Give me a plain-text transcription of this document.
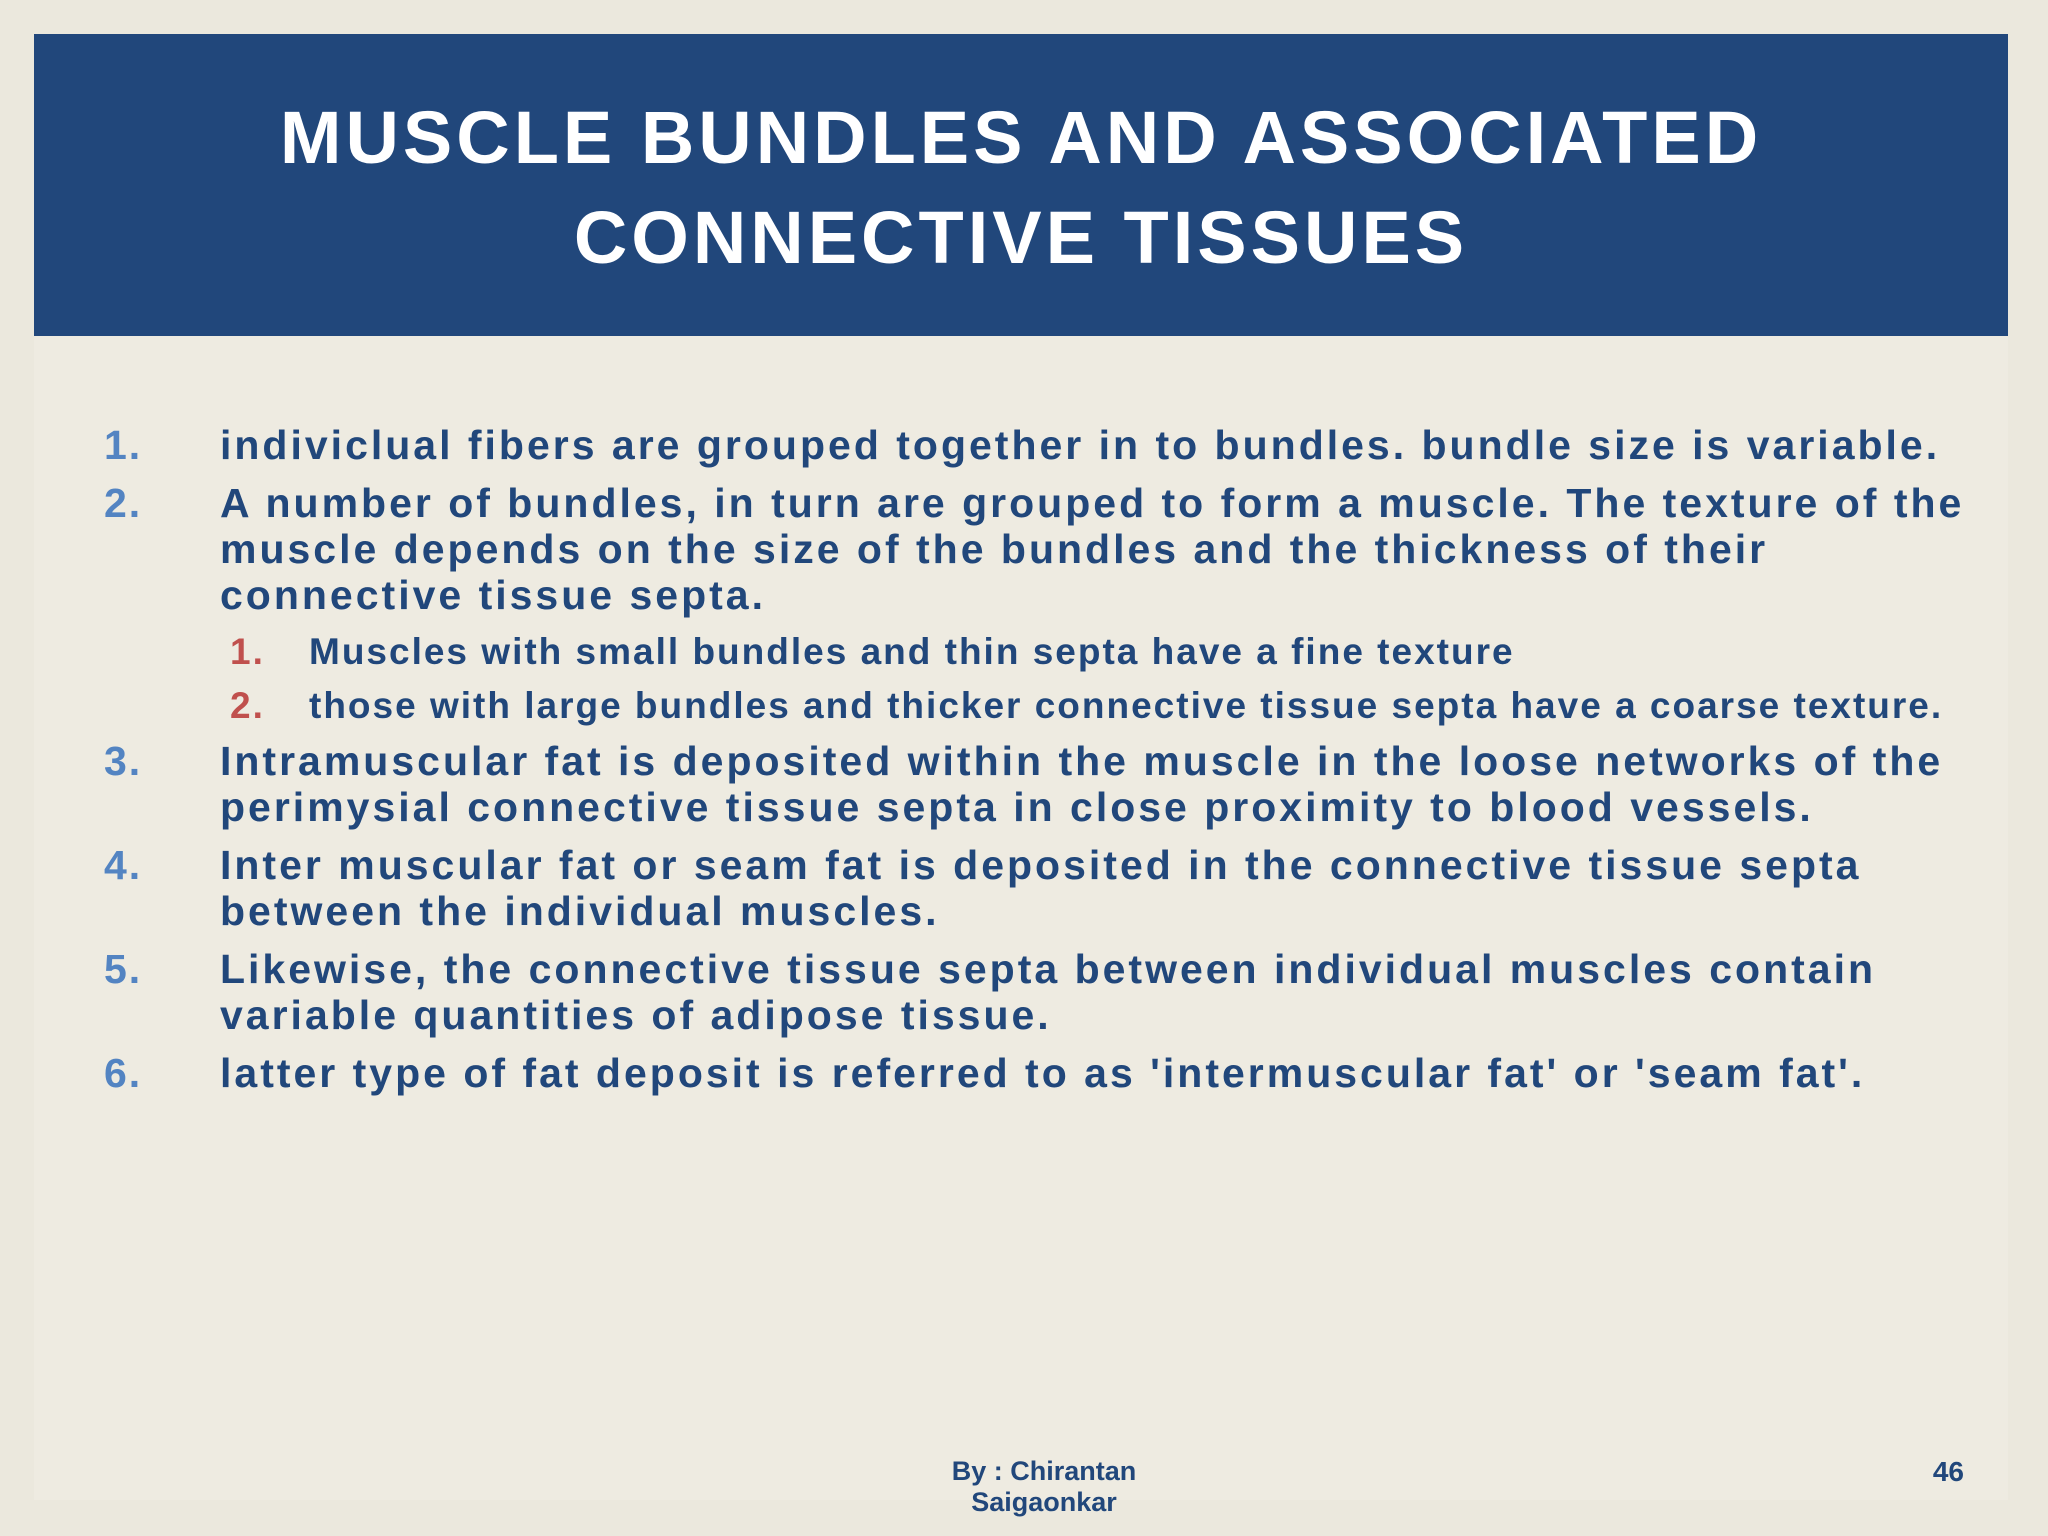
MUSCLE BUNDLES AND ASSOCIATED
CONNECTIVE TISSUES
1. indiviclual fibers are grouped together in to bundles. bundle size is variable.
2. A number of bundles, in turn are grouped to form a muscle. The texture of the muscle depends on the size of the bundles and the thickness of their connective tissue septa.
1. Muscles with small bundles and thin septa have a fine texture
2. those with large bundles and thicker connective tissue septa have a coarse texture.
3. Intramuscular fat is deposited within the muscle in the loose networks of the perimysial connective tissue septa in close proximity to blood vessels.
4. Inter muscular fat or seam fat is deposited in the connective tissue septa between the individual muscles.
5. Likewise, the connective tissue septa between individual muscles contain variable quantities of adipose tissue.
6. latter type of fat deposit is referred to as 'intermuscular fat' or 'seam fat'.
By : Chirantan Saigaonkar
46
